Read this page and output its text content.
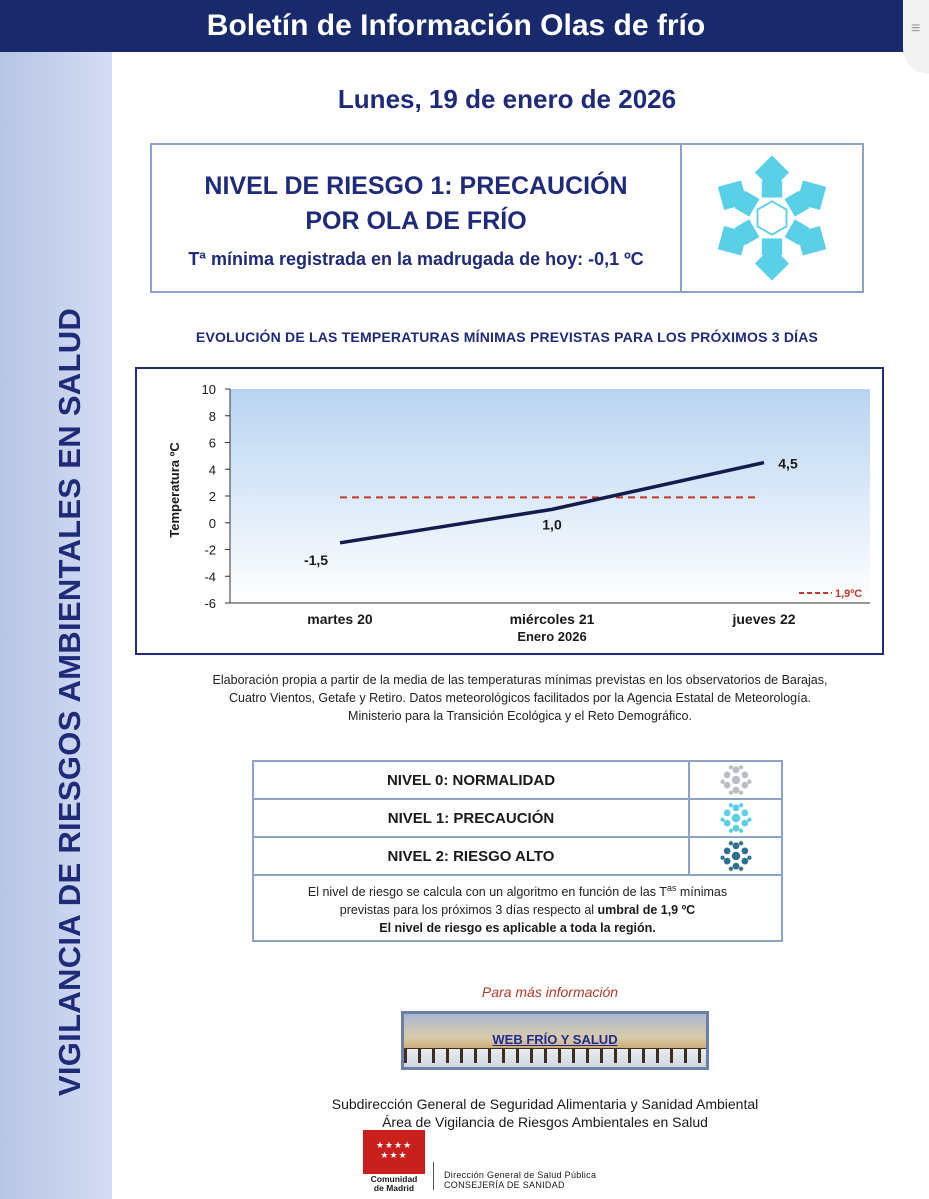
VIGILANCIA DE RIESGOS AMBIENTALES EN SALUD
Boletín de Información Olas de frío	≡
Lunes, 19 de enero de 2026
NIVEL DE RIESGO 1: PRECAUCIÓN
POR OLA DE FRÍO
Tª mínima registrada en la madrugada de hoy: -0,1 ºC
EVOLUCIÓN DE LAS TEMPERATURAS MÍNIMAS PREVISTAS PARA LOS PRÓXIMOS 3 DÍAS
10
8
6
4
2
0
-2
-4
-6
martes 20	miércoles 21	jueves 22
-1,5
1,0
4,5
Temperatura ºC
Enero 2026
1,9ºC
Elaboración propia a partir de la media de las temperaturas mínimas previstas en los observatorios de Barajas,
Cuatro Vientos, Getafe y Retiro. Datos meteorológicos facilitados por la Agencia Estatal de Meteorología.
Ministerio para la Transición Ecológica y el Reto Demográfico.
NIVEL 0: NORMALIDAD
NIVEL 1: PRECAUCIÓN
NIVEL 2: RIESGO ALTO
El nivel de riesgo se calcula con un algoritmo en función de las $T^{as}$ mínimas
previstas para los próximos 3 días respecto al umbral de 1,9 ºC
El nivel de riesgo es aplicable a toda la región.
Para más información
WEB FRÍO Y SALUD
Subdirección General de Seguridad Alimentaria y Sanidad Ambiental
Área de Vigilancia de Riesgos Ambientales en Salud
★★★★ ★★★
Comunidad
de Madrid
Dirección General de Salud Pública
CONSEJERÍA DE SANIDAD
